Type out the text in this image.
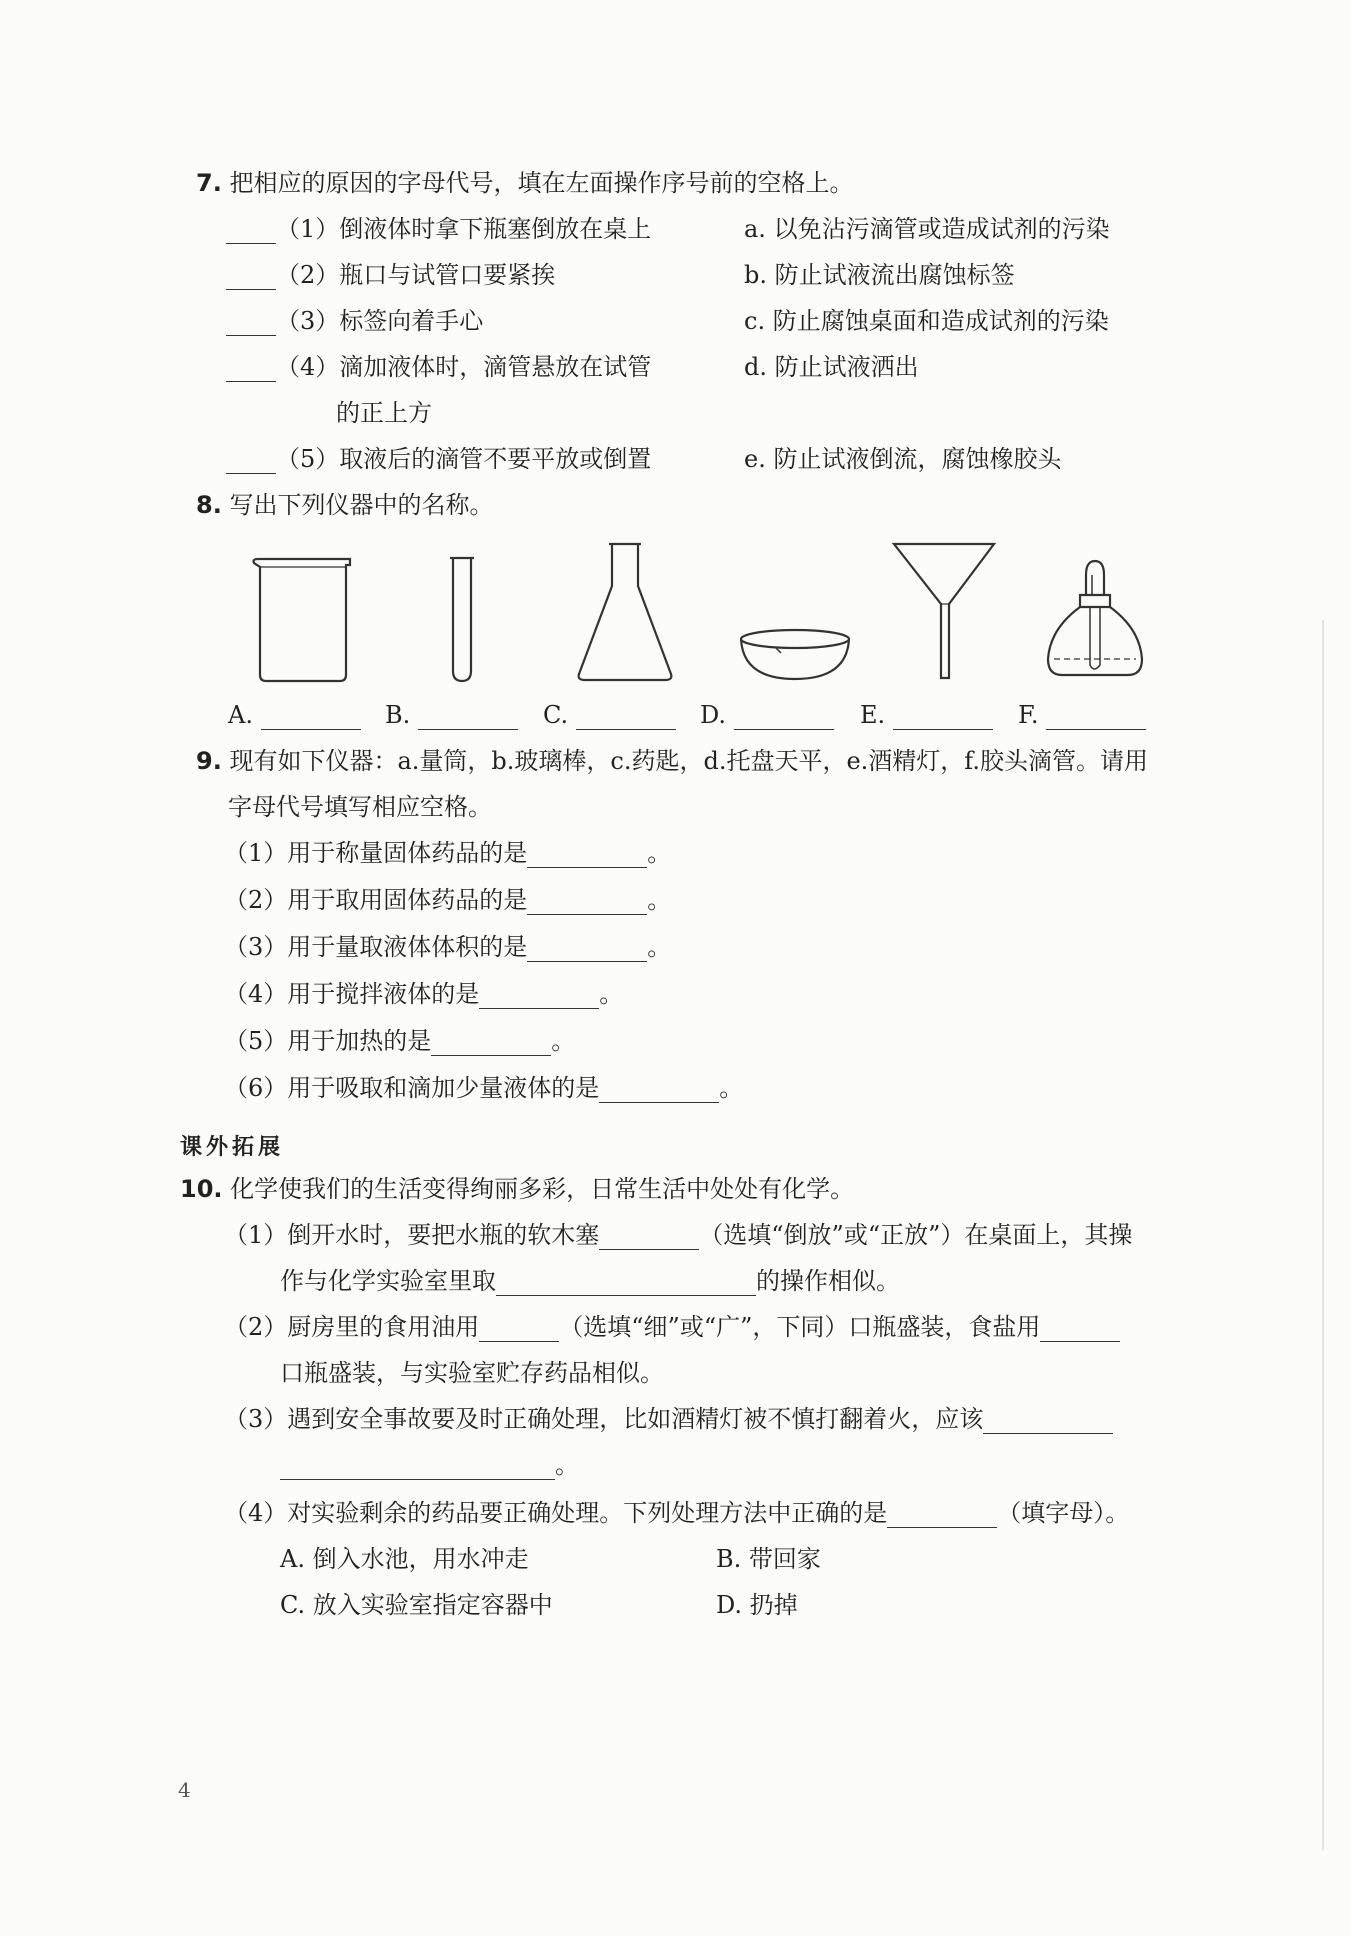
7. 把相应的原因的字母代号，填在左面操作序号前的空格上。
（1）倒液体时拿下瓶塞倒放在桌上	a. 以免沾污滴管或造成试剂的污染
（2）瓶口与试管口要紧挨	b. 防止试液流出腐蚀标签
（3）标签向着手心	c. 防止腐蚀桌面和造成试剂的污染
（4）滴加液体时，滴管悬放在试管	d. 防止试液洒出
的正上方
（5）取液后的滴管不要平放或倒置	e. 防止试液倒流，腐蚀橡胶头
8. 写出下列仪器中的名称。
A.	B.	C.	D.	E.	F.
9. 现有如下仪器：a.量筒，b.玻璃棒，c.药匙，d.托盘天平，e.酒精灯，f.胶头滴管。请用
字母代号填写相应空格。
（1）用于称量固体药品的是	。
（2）用于取用固体药品的是	。
（3）用于量取液体体积的是	。
（4）用于搅拌液体的是	。
（5）用于加热的是	。
（6）用于吸取和滴加少量液体的是	。
课外拓展
10. 化学使我们的生活变得绚丽多彩，日常生活中处处有化学。
（1）倒开水时，要把水瓶的软木塞	（选填“倒放”或“正放”）在桌面上，其操
作与化学实验室里取	的操作相似。
（2）厨房里的食用油用	（选填“细”或“广”，下同）口瓶盛装，食盐用
口瓶盛装，与实验室贮存药品相似。
（3）遇到安全事故要及时正确处理，比如酒精灯被不慎打翻着火，应该
。
（4）对实验剩余的药品要正确处理。下列处理方法中正确的是	（填字母）。
A. 倒入水池，用水冲走	B. 带回家
C. 放入实验室指定容器中	D. 扔掉
4
